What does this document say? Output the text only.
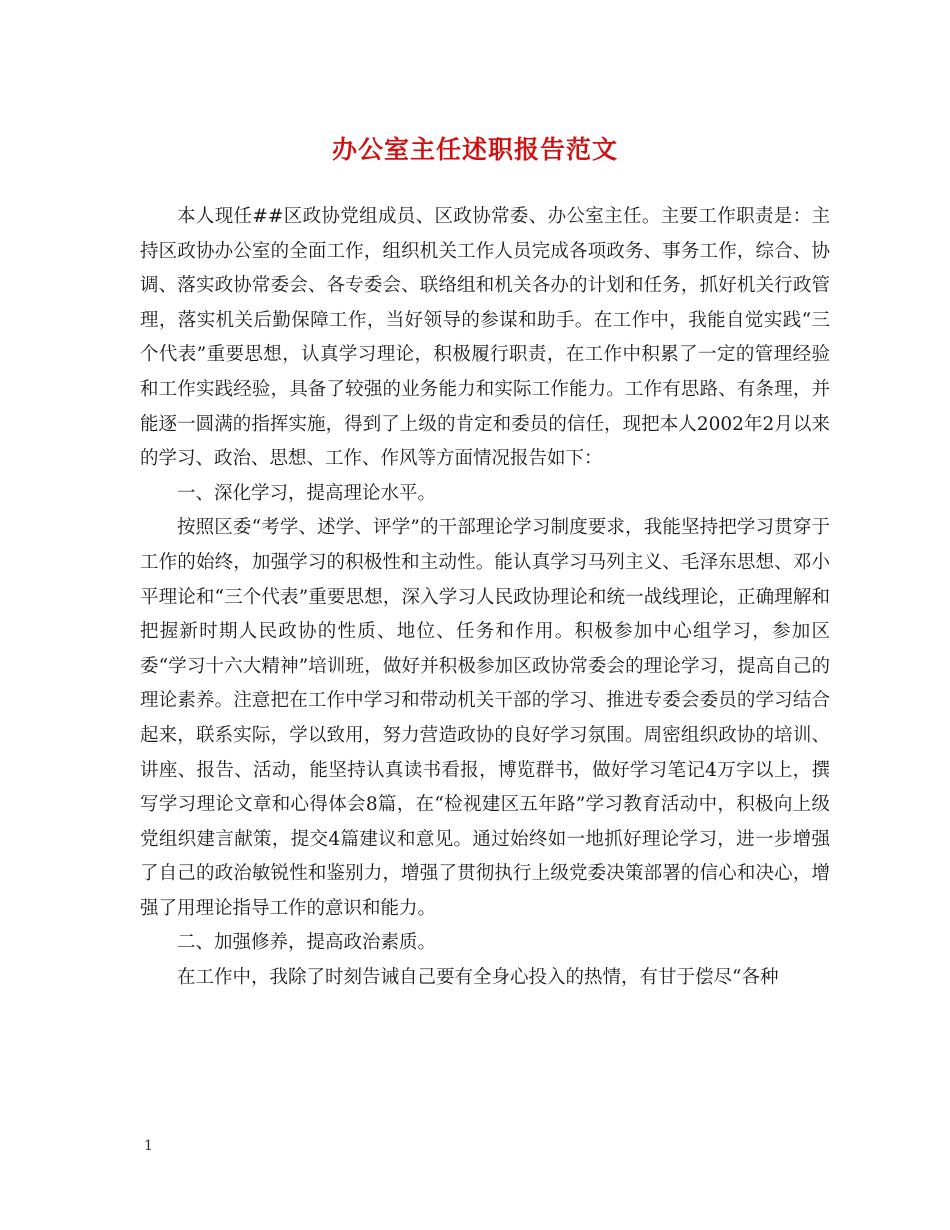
办公室主任述职报告范文

本人现任##区政协党组成员、区政协常委、办公室主任。主要工作职责是：主持区政协办公室的全面工作，组织机关工作人员完成各项政务、事务工作，综合、协调、落实政协常委会、各专委会、联络组和机关各办的计划和任务，抓好机关行政管理，落实机关后勤保障工作，当好领导的参谋和助手。在工作中，我能自觉实践“三个代表”重要思想，认真学习理论，积极履行职责，在工作中积累了一定的管理经验和工作实践经验，具备了较强的业务能力和实际工作能力。工作有思路、有条理，并能逐一圆满的指挥实施，得到了上级的肯定和委员的信任，现把本人2002年2月以来的学习、政治、思想、工作、作风等方面情况报告如下：

一、深化学习，提高理论水平。

按照区委“考学、述学、评学”的干部理论学习制度要求，我能坚持把学习贯穿于工作的始终，加强学习的积极性和主动性。能认真学习马列主义、毛泽东思想、邓小平理论和“三个代表”重要思想，深入学习人民政协理论和统一战线理论，正确理解和把握新时期人民政协的性质、地位、任务和作用。积极参加中心组学习，参加区委“学习十六大精神”培训班，做好并积极参加区政协常委会的理论学习，提高自己的理论素养。注意把在工作中学习和带动机关干部的学习、推进专委会委员的学习结合起来，联系实际，学以致用，努力营造政协的良好学习氛围。周密组织政协的培训、讲座、报告、活动，能坚持认真读书看报，博览群书，做好学习笔记4万字以上，撰写学习理论文章和心得体会8篇，在“检视建区五年路”学习教育活动中，积极向上级党组织建言献策，提交4篇建议和意见。通过始终如一地抓好理论学习，进一步增强了自己的政治敏锐性和鉴别力，增强了贯彻执行上级党委决策部署的信心和决心，增强了用理论指导工作的意识和能力。

二、加强修养，提高政治素质。

在工作中，我除了时刻告诫自己要有全身心投入的热情，有甘于偿尽“各种

1
